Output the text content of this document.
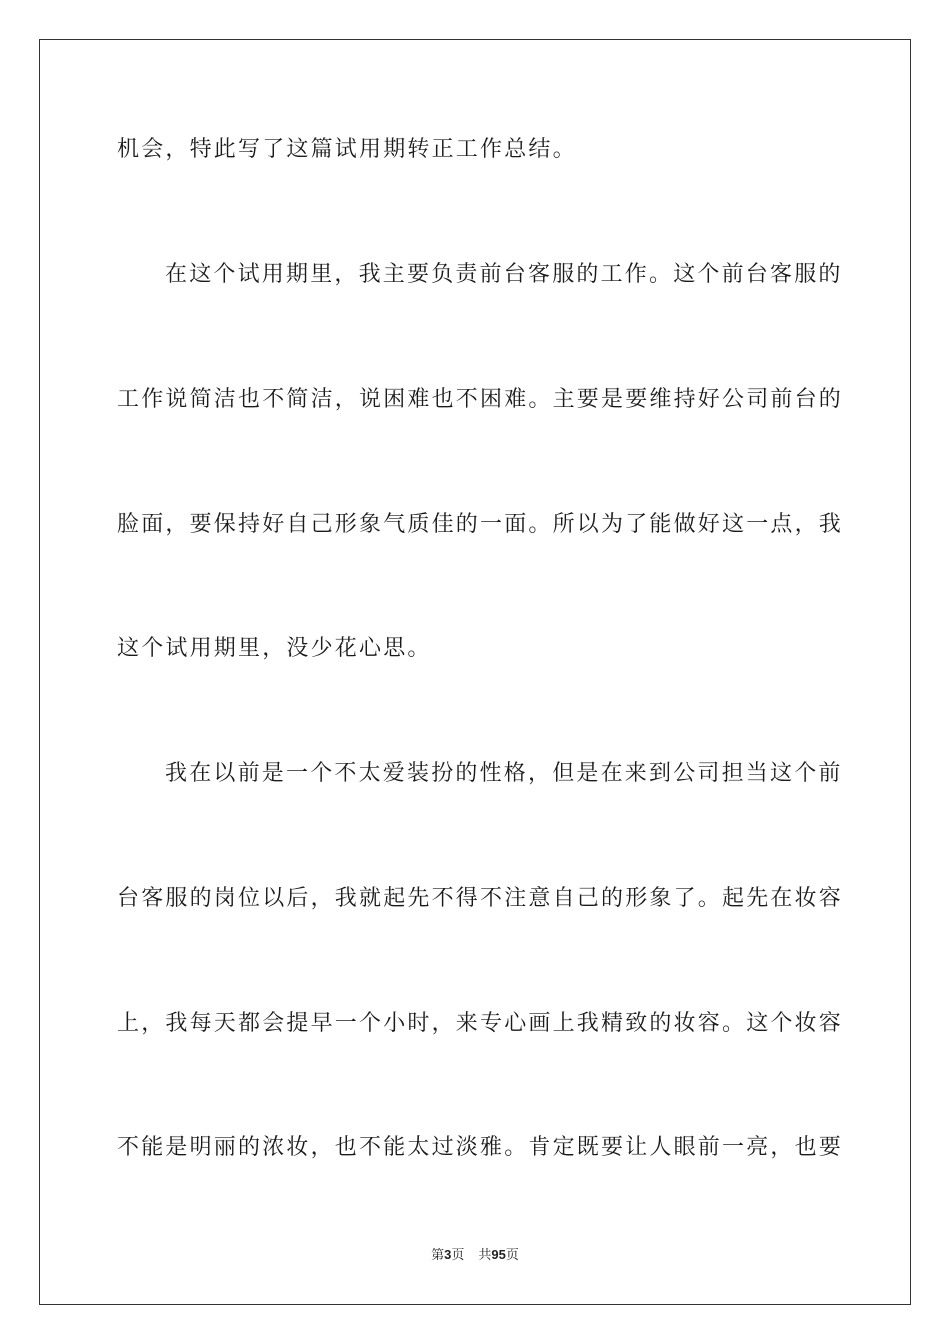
机会，特此写了这篇试用期转正工作总结。
在这个试用期里，我主要负责前台客服的工作。这个前台客服的
工作说简洁也不简洁，说困难也不困难。主要是要维持好公司前台的
脸面，要保持好自己形象气质佳的一面。所以为了能做好这一点，我
这个试用期里，没少花心思。
我在以前是一个不太爱装扮的性格，但是在来到公司担当这个前
台客服的岗位以后，我就起先不得不注意自己的形象了。起先在妆容
上，我每天都会提早一个小时，来专心画上我精致的妆容。这个妆容
不能是明丽的浓妆，也不能太过淡雅。肯定既要让人眼前一亮，也要
第3页 共95页
